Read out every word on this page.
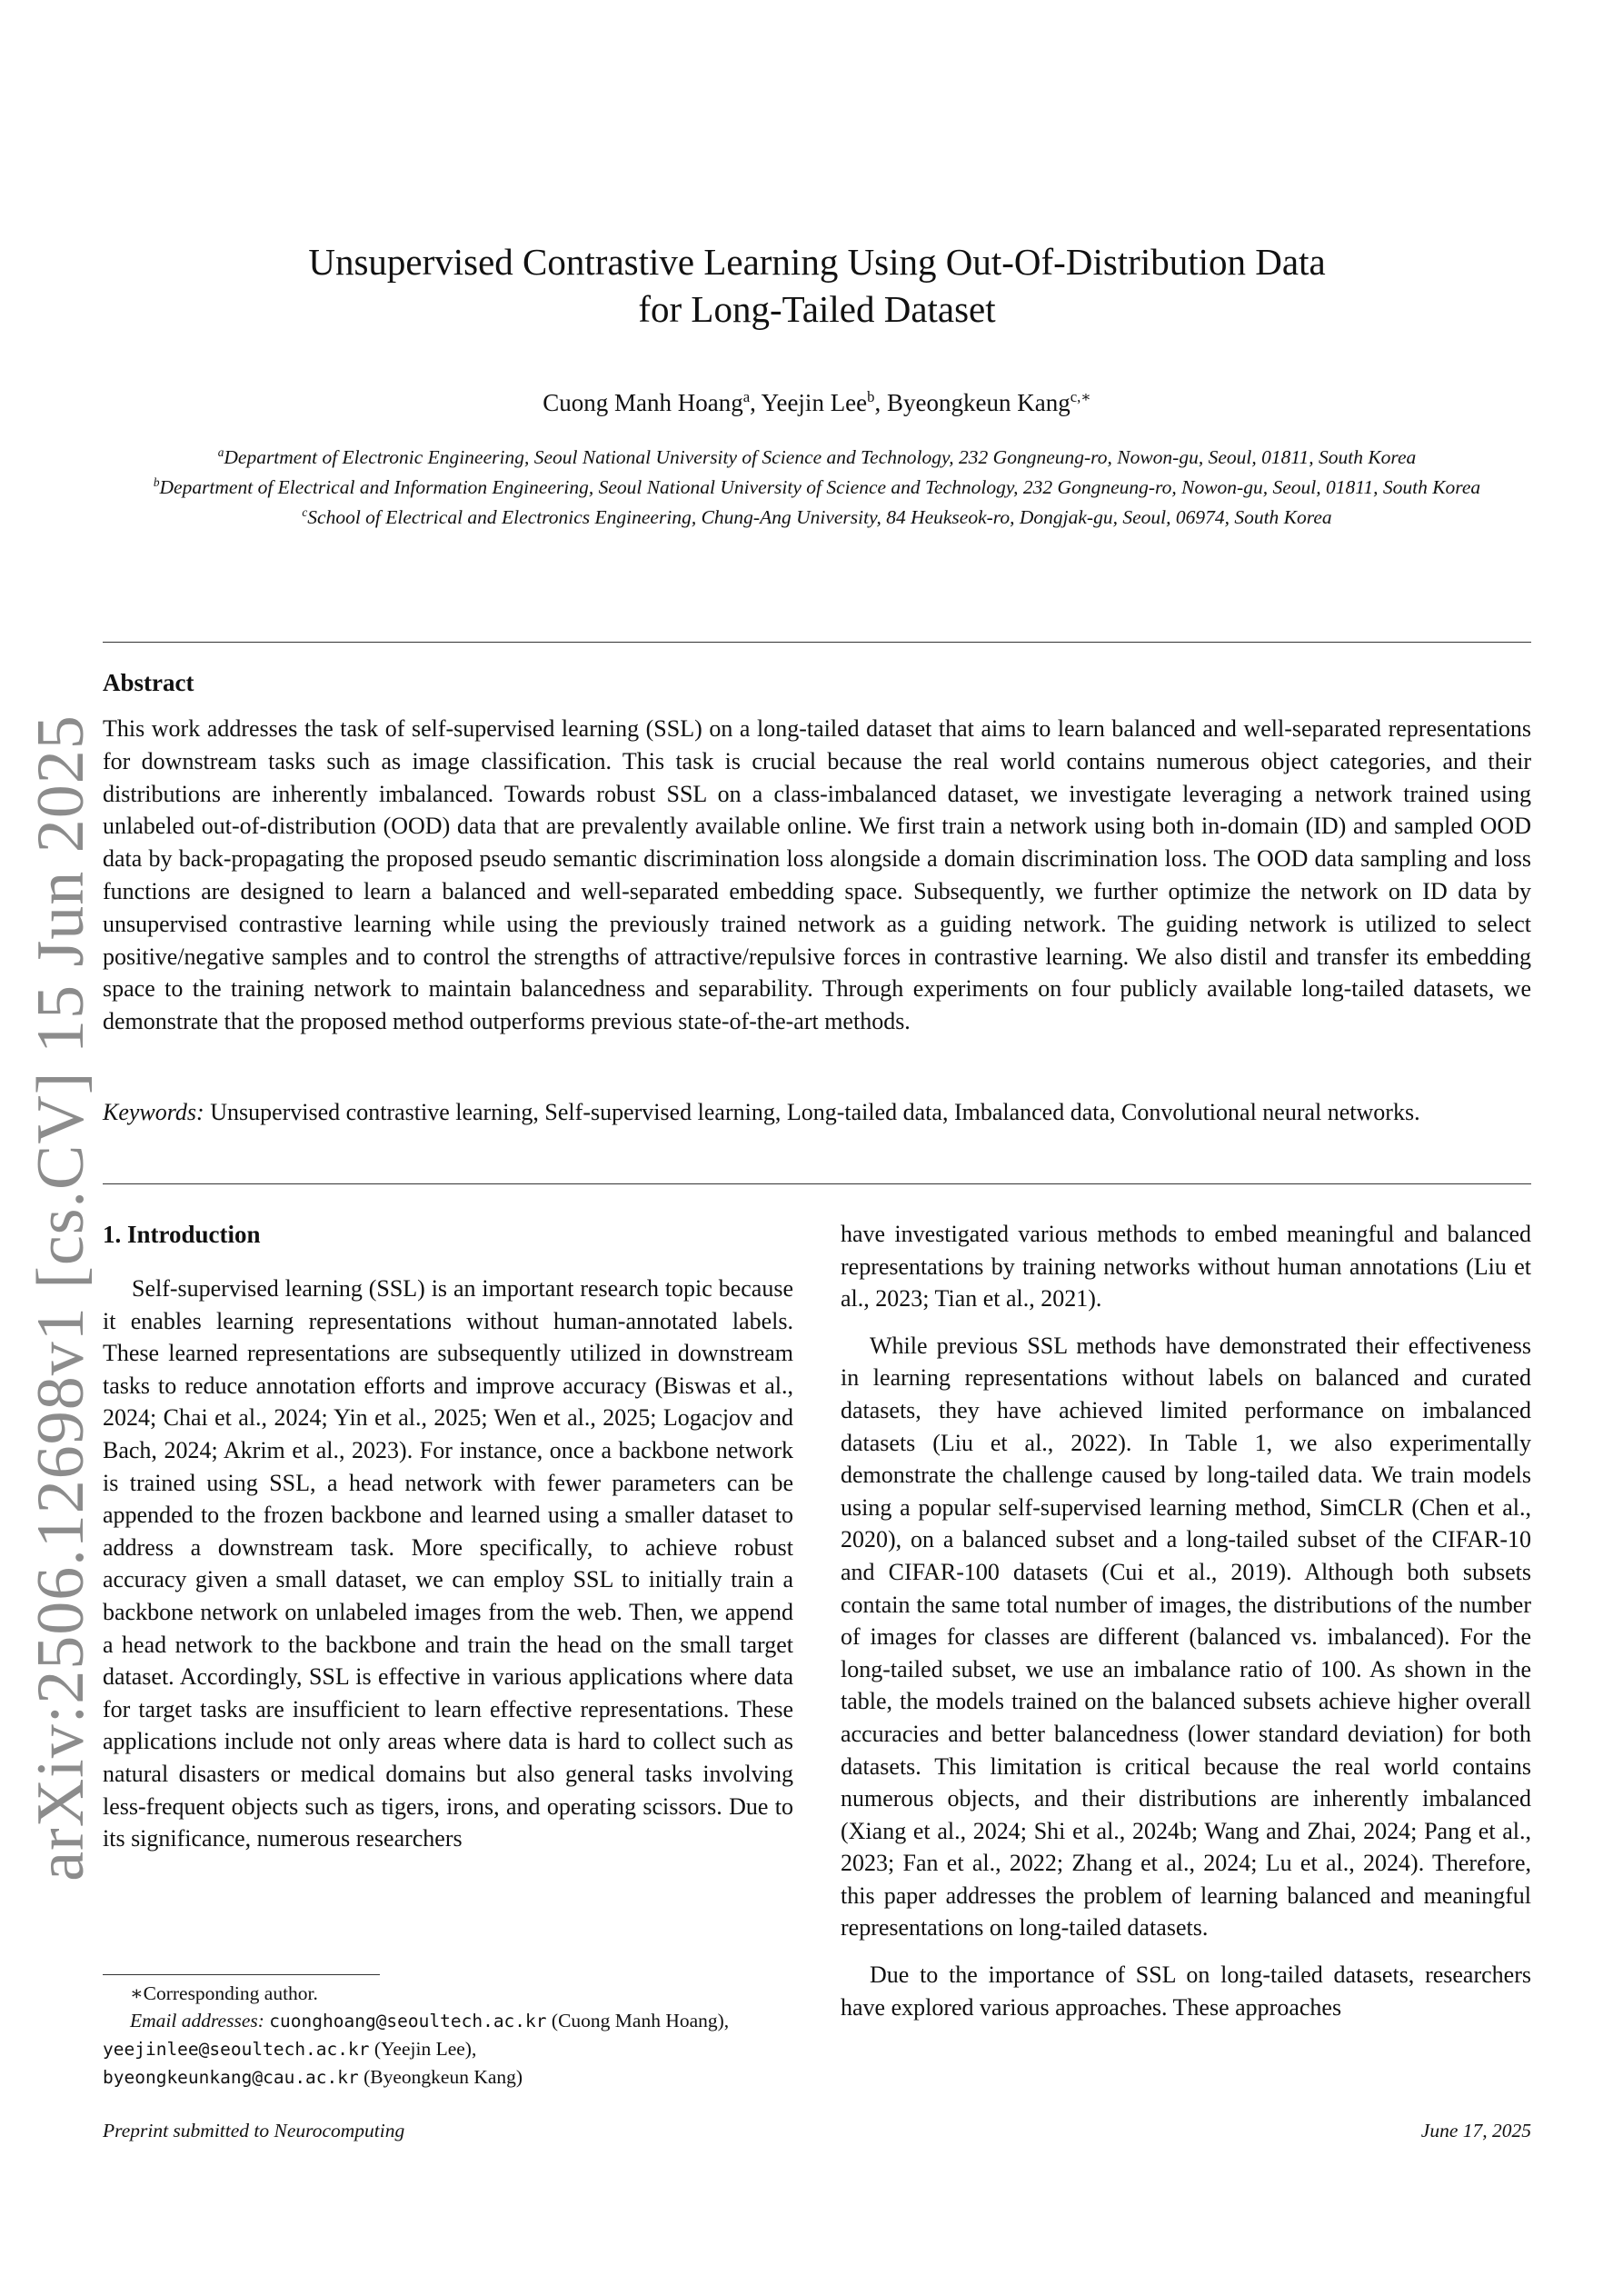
arXiv:2506.12698v1 [cs.CV] 15 Jun 2025
Unsupervised Contrastive Learning Using Out-Of-Distribution Data
for Long-Tailed Dataset
Cuong Manh Hoang$^a$, Yeejin Lee$^b$, Byeongkeun Kang$^{c,∗}$
$^a$Department of Electronic Engineering, Seoul National University of Science and Technology, 232 Gongneung-ro, Nowon-gu, Seoul, 01811, South Korea
$^b$Department of Electrical and Information Engineering, Seoul National University of Science and Technology, 232 Gongneung-ro, Nowon-gu, Seoul, 01811, South Korea
$^c$School of Electrical and Electronics Engineering, Chung-Ang University, 84 Heukseok-ro, Dongjak-gu, Seoul, 06974, South Korea
Abstract
This work addresses the task of self-supervised learning (SSL) on a long-tailed dataset that aims to learn balanced and well-separated representations for downstream tasks such as image classification. This task is crucial because the real world contains numerous object categories, and their distributions are inherently imbalanced. Towards robust SSL on a class-imbalanced dataset, we investigate leveraging a network trained using unlabeled out-of-distribution (OOD) data that are prevalently available online. We first train a network using both in-domain (ID) and sampled OOD data by back-propagating the proposed pseudo semantic discrimination loss alongside a domain discrimination loss. The OOD data sampling and loss functions are designed to learn a balanced and well-separated embedding space. Subsequently, we further optimize the network on ID data by unsupervised contrastive learning while using the previously trained network as a guiding network. The guiding network is utilized to select positive/negative samples and to control the strengths of attractive/repulsive forces in contrastive learning. We also distil and transfer its embedding space to the training network to maintain balancedness and separability. Through experiments on four publicly available long-tailed datasets, we demonstrate that the proposed method outperforms previous state-of-the-art methods.
Keywords: Unsupervised contrastive learning, Self-supervised learning, Long-tailed data, Imbalanced data, Convolutional neural networks.
1. Introduction

Self-supervised learning (SSL) is an important research topic because it enables learning representations without human-annotated labels. These learned representations are subsequently utilized in downstream tasks to reduce annotation efforts and improve accuracy (Biswas et al., 2024; Chai et al., 2024; Yin et al., 2025; Wen et al., 2025; Logacjov and Bach, 2024; Akrim et al., 2023). For instance, once a backbone network is trained using SSL, a head network with fewer parameters can be appended to the frozen backbone and learned using a smaller dataset to address a downstream task. More specifically, to achieve robust accuracy given a small dataset, we can employ SSL to initially train a backbone network on unlabeled images from the web. Then, we append a head network to the backbone and train the head on the small target dataset. Accordingly, SSL is effective in various applications where data for target tasks are insufficient to learn effective representations. These applications include not only areas where data is hard to collect such as natural disasters or medical domains but also general tasks involving less-frequent objects such as tigers, irons, and operating scissors. Due to its significance, numerous researchers

have investigated various methods to embed meaningful and balanced representations by training networks without human annotations (Liu et al., 2023; Tian et al., 2021).

While previous SSL methods have demonstrated their effectiveness in learning representations without labels on balanced and curated datasets, they have achieved limited performance on imbalanced datasets (Liu et al., 2022). In Table 1, we also experimentally demonstrate the challenge caused by long-tailed data. We train models using a popular self-supervised learning method, SimCLR (Chen et al., 2020), on a balanced subset and a long-tailed subset of the CIFAR-10 and CIFAR-100 datasets (Cui et al., 2019). Although both subsets contain the same total number of images, the distributions of the number of images for classes are different (balanced vs. imbalanced). For the long-tailed subset, we use an imbalance ratio of 100. As shown in the table, the models trained on the balanced subsets achieve higher overall accuracies and better balancedness (lower standard deviation) for both datasets. This limitation is critical because the real world contains numerous objects, and their distributions are inherently imbalanced (Xiang et al., 2024; Shi et al., 2024b; Wang and Zhai, 2024; Pang et al., 2023; Fan et al., 2022; Zhang et al., 2024; Lu et al., 2024). Therefore, this paper addresses the problem of learning balanced and meaningful representations on long-tailed datasets.

Due to the importance of SSL on long-tailed datasets, researchers have explored various approaches. These approaches

∗Corresponding author.
Email addresses: cuonghoang@seoultech.ac.kr (Cuong Manh Hoang),
yeejinlee@seoultech.ac.kr (Yeejin Lee),
byeongkeunkang@cau.ac.kr (Byeongkeun Kang)
Preprint submitted to Neurocomputing	June 17, 2025
